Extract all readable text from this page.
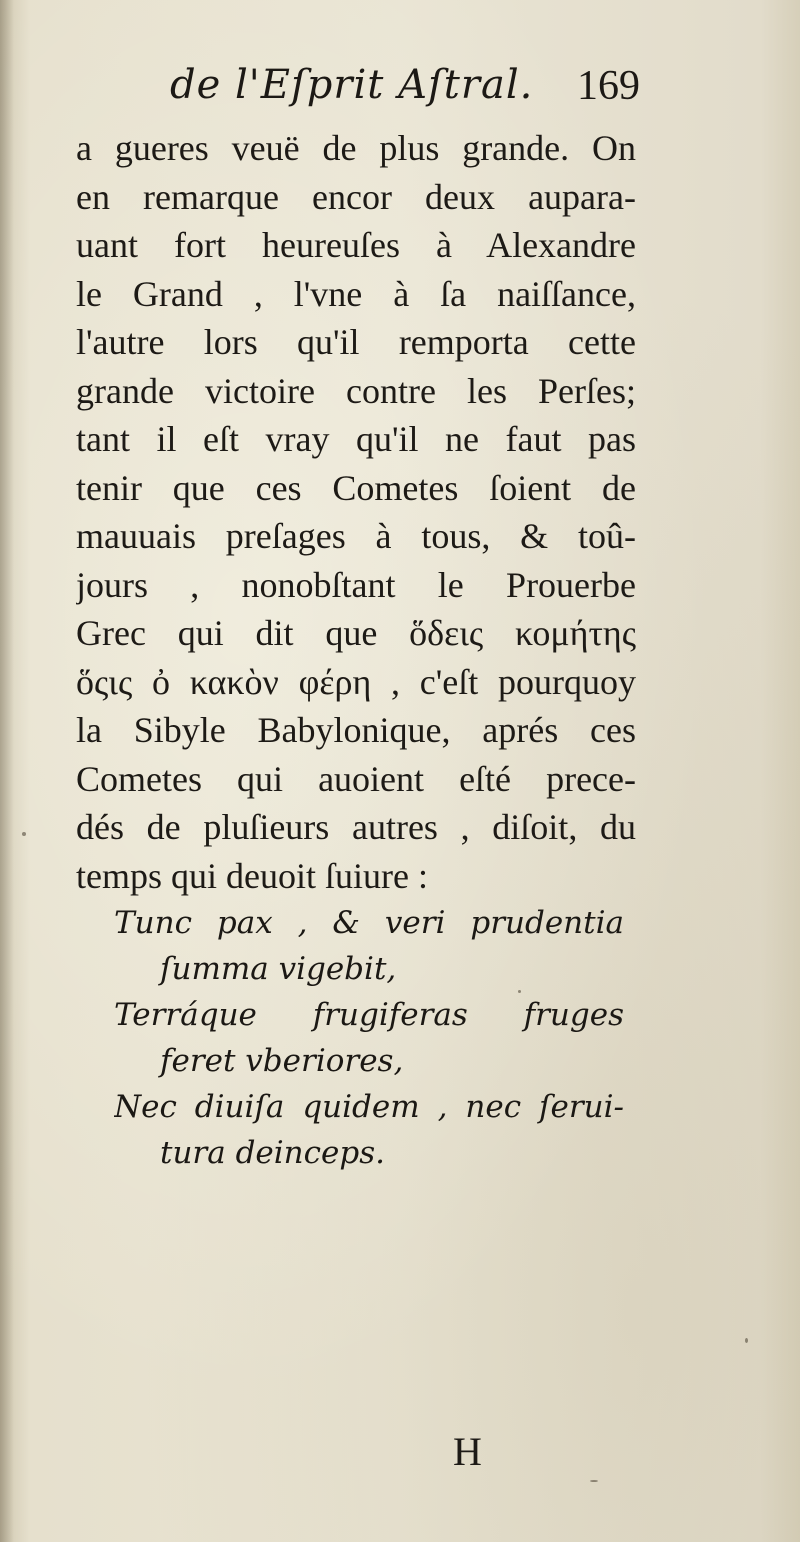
de l'Eſprit Aſtral. 169
a gueres veuë de plus grande. On
en remarque encor deux aupara-
uant fort heureuſes à Alexandre
le Grand , l'vne à ſa naiſſance,
l'autre lors qu'il remporta cette
grande victoire contre les Perſes;
tant il eſt vray qu'il ne faut pas
tenir que ces Cometes ſoient de
mauuais preſages à tous, & toû-
jours , nonobſtant le Prouerbe
Grec qui dit que ὅδεις κομήτης
ὅςις ὀ κακὸν φέρη , c'eſt pourquoy
la Sibyle Babylonique, aprés ces
Cometes qui auoient eſté prece-
dés de pluſieurs autres , diſoit, du
temps qui deuoit ſuiure :
Tunc pax , & veri prudentia
ſumma vigebit,
Terráque frugiferas fruges
feret vberiores,
Nec diuiſa quidem , nec ſerui-
tura deinceps.
H
